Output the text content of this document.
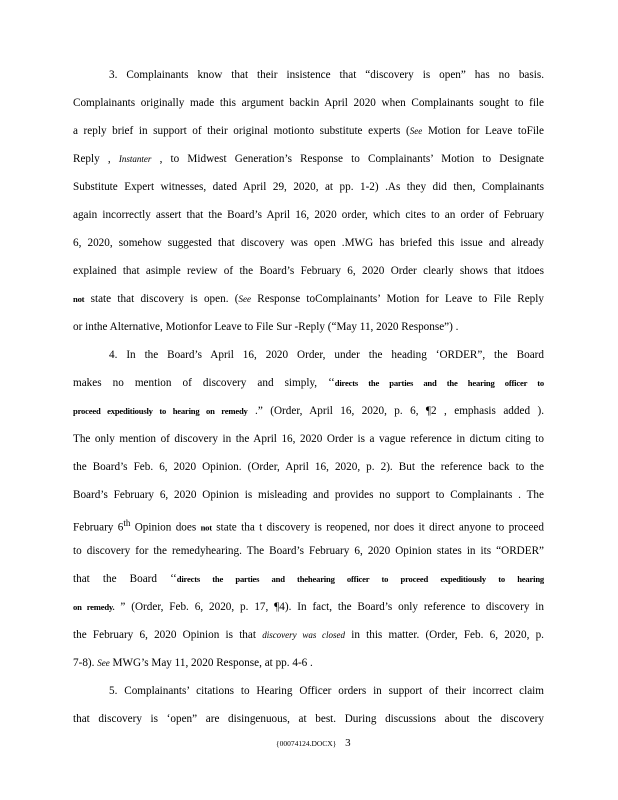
3. Complainants know that their insistence that “discovery is open” has no basis.
Complainants originally made this argument backin April 2020 when Complainants sought to file
a reply brief in support of their original motionto substitute experts (See Motion for Leave toFile
Reply , Instanter , to Midwest Generation’s Response to Complainants’ Motion to Designate
Substitute Expert witnesses, dated April 29, 2020, at pp. 1-2) .As they did then, Complainants
again incorrectly assert that the Board’s April 16, 2020 order, which cites to an order of February
6, 2020, somehow suggested that discovery was open .MWG has briefed this issue and already
explained that asimple review of the Board’s February 6, 2020 Order clearly shows that itdoes
not state that discovery is open. (See Response toComplainants’ Motion for Leave to File Reply
or inthe Alternative, Motionfor Leave to File Sur -Reply (“May 11, 2020 Response”) .
4. In the Board’s April 16, 2020 Order, under the heading ‘ORDER”, the Board
makes no mention of discovery and simply, ‘‘directs the parties and the hearing officer to
proceed expeditiously to hearing on remedy .” (Order, April 16, 2020, p. 6, ¶2 , emphasis added ).
The only mention of discovery in the April 16, 2020 Order is a vague reference in dictum citing to
the Board’s Feb. 6, 2020 Opinion. (Order, April 16, 2020, p. 2). But the reference back to the
Board’s February 6, 2020 Opinion is misleading and provides no support to Complainants . The
February 6th Opinion does not state tha t discovery is reopened, nor does it direct anyone to proceed
to discovery for the remedyhearing. The Board’s February 6, 2020 Opinion states in its “ORDER”
that the Board ‘‘directs the parties and thehearing officer to proceed expeditiously to hearing
on remedy. ” (Order, Feb. 6, 2020, p. 17, ¶4). In fact, the Board’s only reference to discovery in
the February 6, 2020 Opinion is that discovery was closed in this matter. (Order, Feb. 6, 2020, p.
7-8). See MWG’s May 11, 2020 Response, at pp. 4-6 .
5. Complainants’ citations to Hearing Officer orders in support of their incorrect claim
that discovery is ‘open” are disingenuous, at best. During discussions about the discovery
{00074124.DOCX} 3
